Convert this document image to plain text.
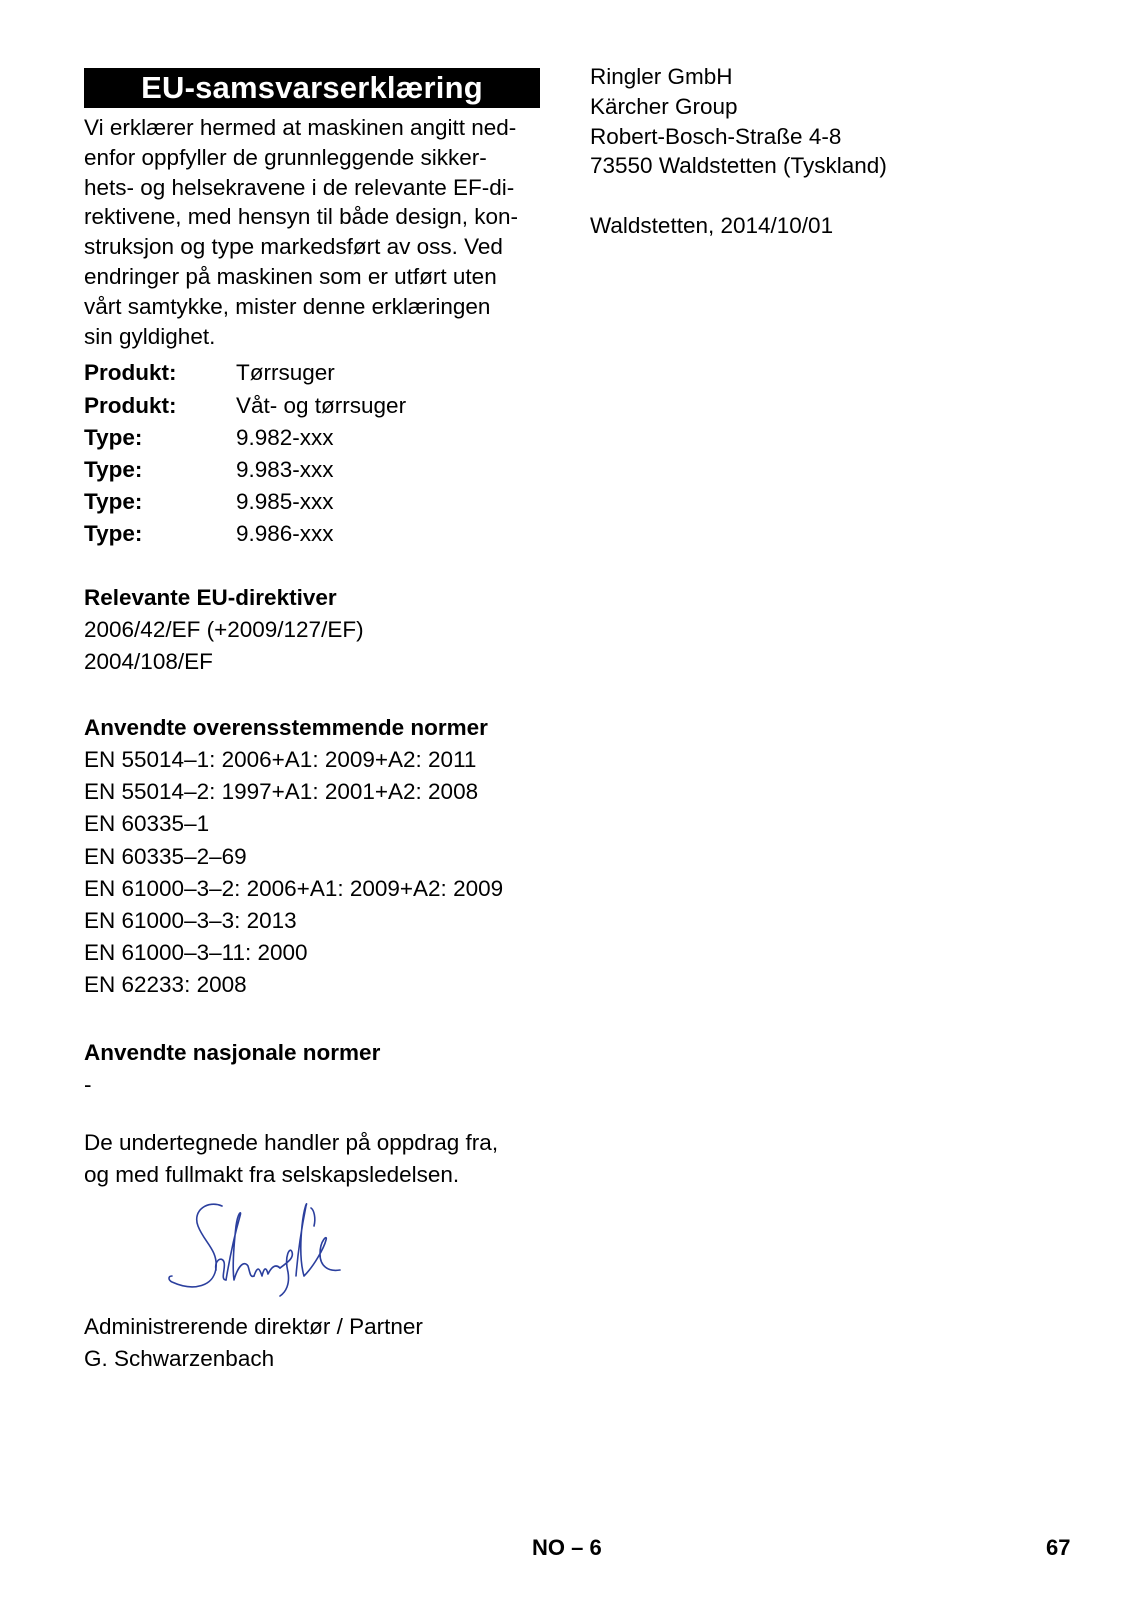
EU-samsvarserklæring
Vi erklærer hermed at maskinen angitt ned-
enfor oppfyller de grunnleggende sikker-
hets- og helsekravene i de relevante EF-di-
rektivene, med hensyn til både design, kon-
struksjon og type markedsført av oss. Ved
endringer på maskinen som er utført uten
vårt samtykke, mister denne erklæringen
sin gyldighet.
Produkt:	Tørrsuger
Produkt:	Våt- og tørrsuger
Type:	9.982-xxx
Type:	9.983-xxx
Type:	9.985-xxx
Type:	9.986-xxx
Relevante EU-direktiver
2006/42/EF (+2009/127/EF)
2004/108/EF
Anvendte overensstemmende normer
EN 55014–1: 2006+A1: 2009+A2: 2011
EN 55014–2: 1997+A1: 2001+A2: 2008
EN 60335–1
EN 60335–2–69
EN 61000–3–2: 2006+A1: 2009+A2: 2009
EN 61000–3–3: 2013
EN 61000–3–11: 2000
EN 62233: 2008
Anvendte nasjonale normer
-
De undertegnede handler på oppdrag fra,
og med fullmakt fra selskapsledelsen.
Administrerende direktør / Partner
G. Schwarzenbach
Ringler GmbH
Kärcher Group
Robert-Bosch-Straße 4-8
73550 Waldstetten (Tyskland)
Waldstetten, 2014/10/01
NO – 6	67
